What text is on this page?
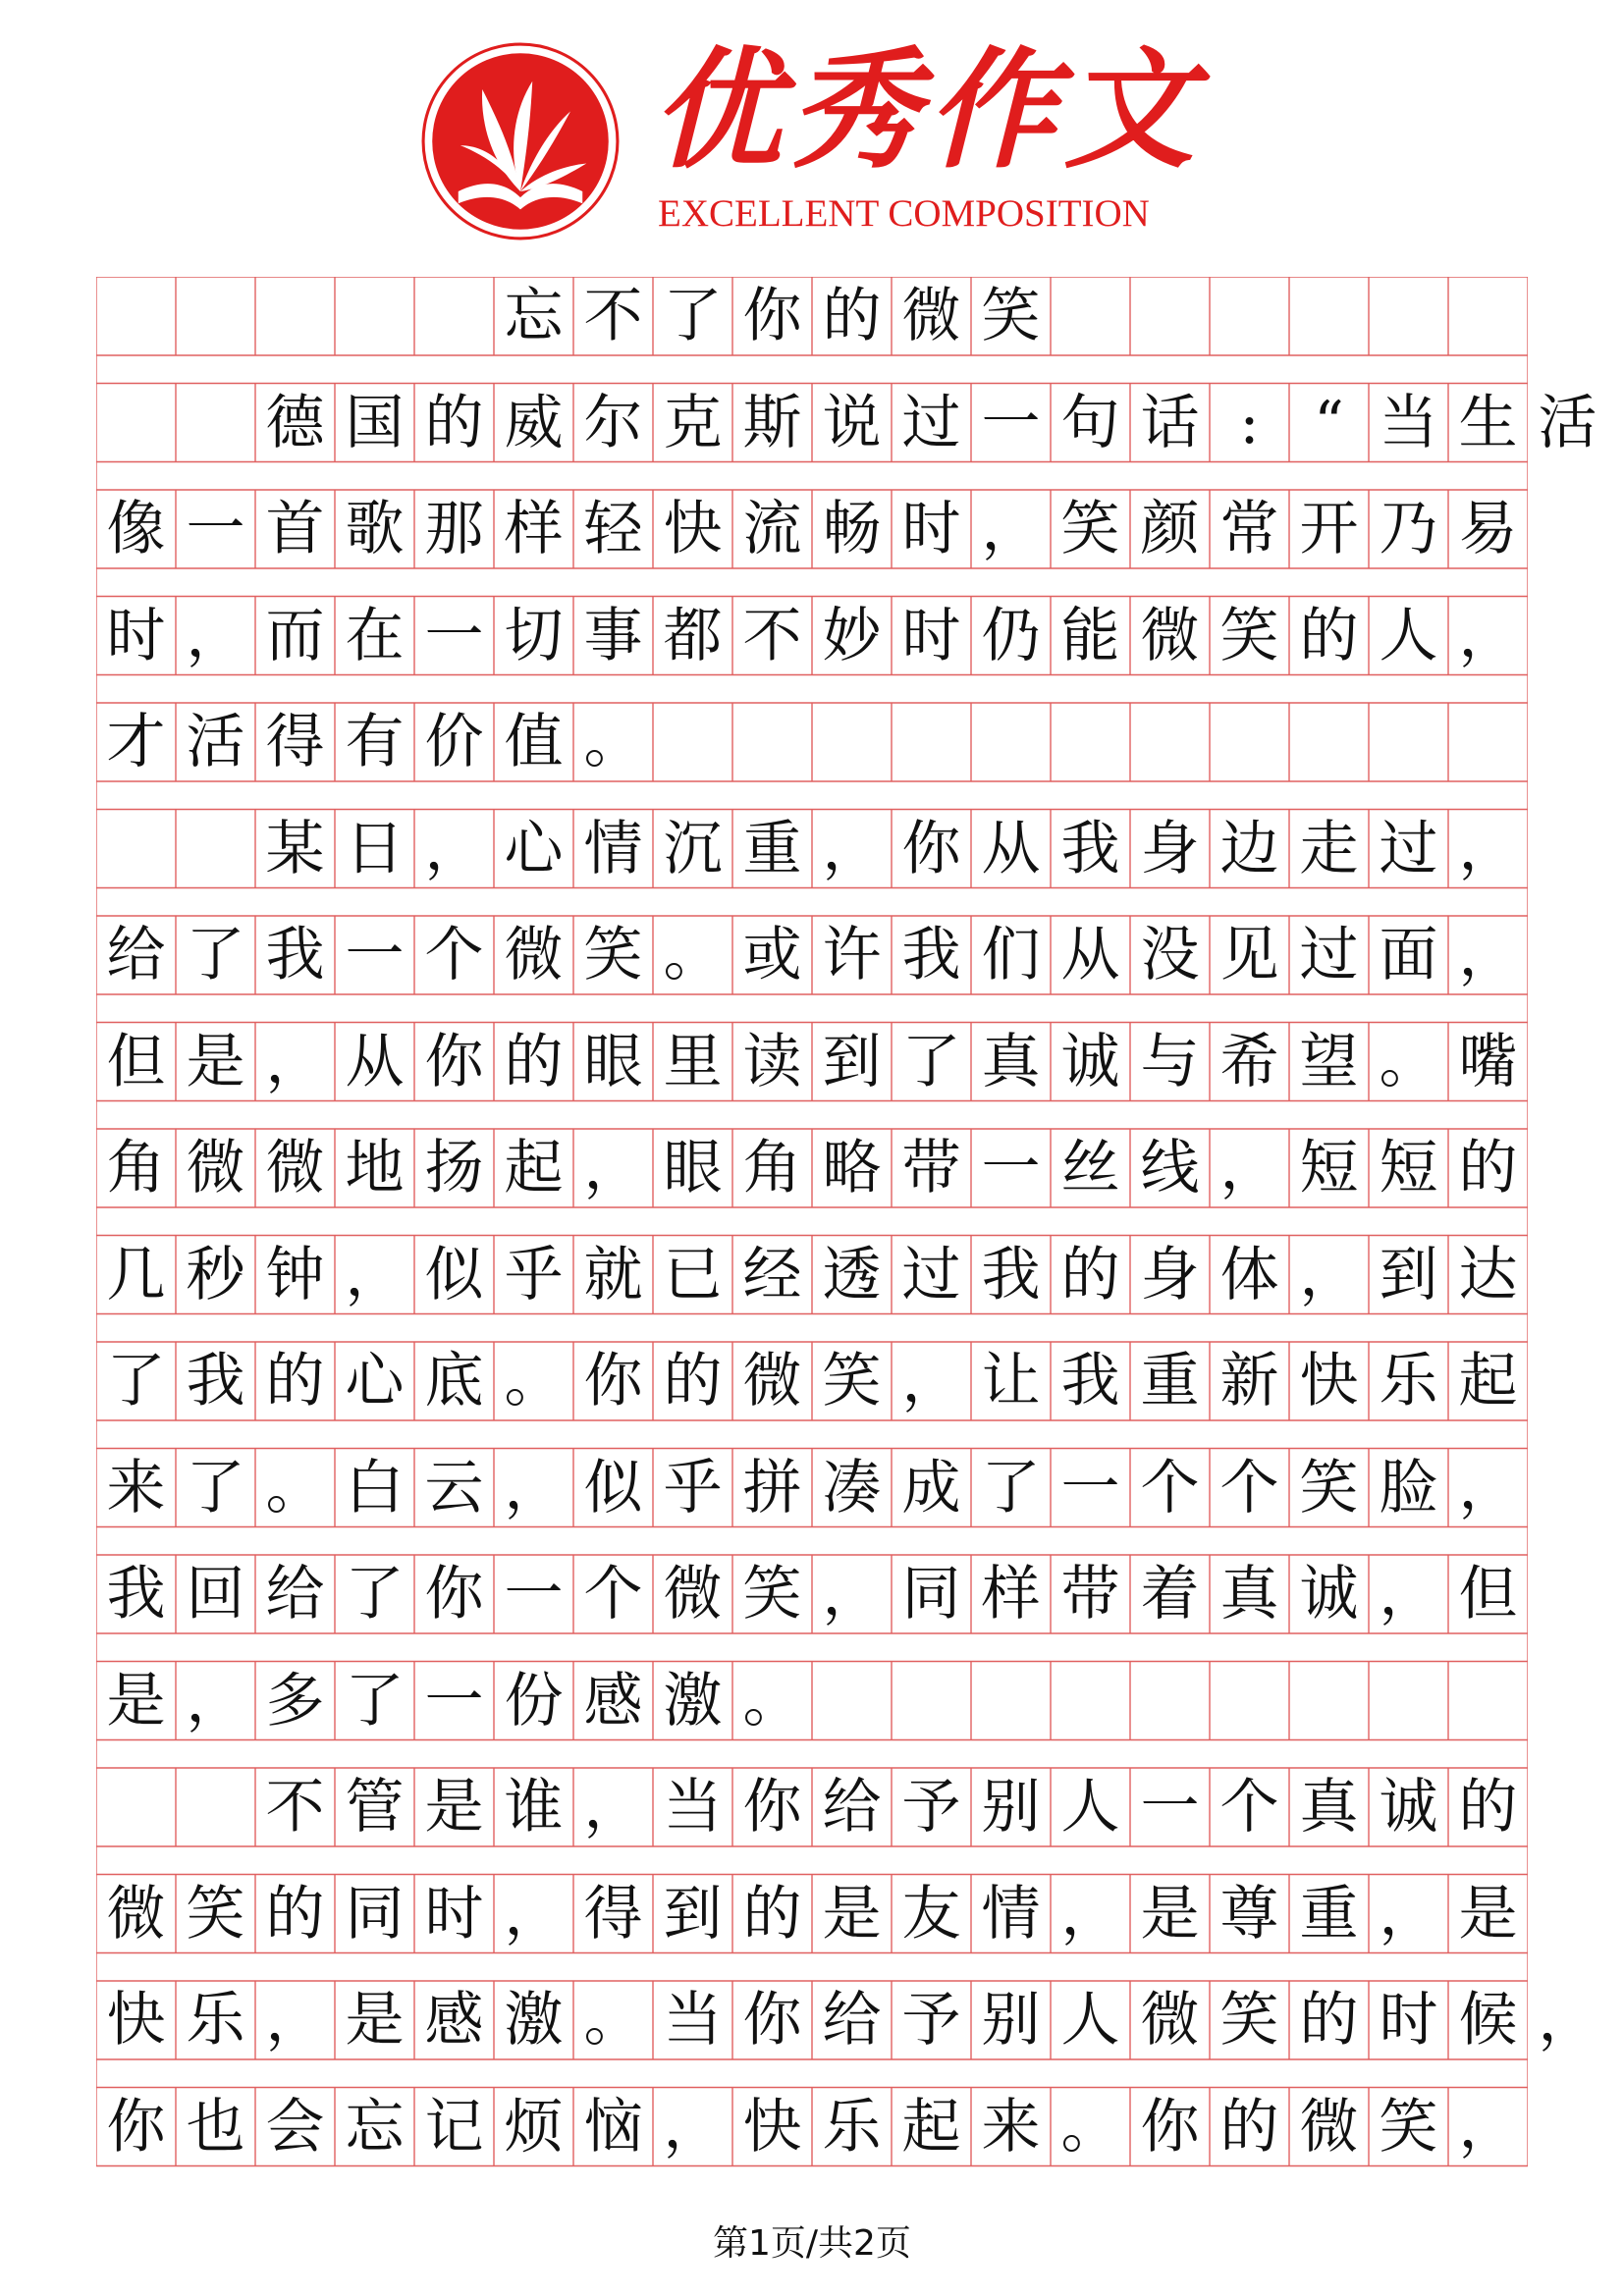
优秀作文
EXCELLENT COMPOSITION
忘 不 了 你 的 微 笑
德 国 的 威 尔 克 斯 说 过 一 句 话 : “ 当 生 活
像 一 首 歌 那 样 轻 快 流 畅 时 ， 笑 颜 常 开 乃 易
时 ， 而 在 一 切 事 都 不 妙 时 仍 能 微 笑 的 人 ，
才 活 得 有 价 值 。
某 日 ， 心 情 沉 重 ， 你 从 我 身 边 走 过 ，
给 了 我 一 个 微 笑 。 或 许 我 们 从 没 见 过 面 ，
但 是 ， 从 你 的 眼 里 读 到 了 真 诚 与 希 望 。 嘴
角 微 微 地 扬 起 ， 眼 角 略 带 一 丝 线 ， 短 短 的
几 秒 钟 ， 似 乎 就 已 经 透 过 我 的 身 体 ， 到 达
了 我 的 心 底 。 你 的 微 笑 ， 让 我 重 新 快 乐 起
来 了 。 白 云 ， 似 乎 拼 凑 成 了 一 个 个 笑 脸 ，
我 回 给 了 你 一 个 微 笑 ， 同 样 带 着 真 诚 ， 但
是 ， 多 了 一 份 感 激 。
不 管 是 谁 ， 当 你 给 予 别 人 一 个 真 诚 的
微 笑 的 同 时 ， 得 到 的 是 友 情 ， 是 尊 重 ， 是
快 乐 ， 是 感 激 。 当 你 给 予 别 人 微 笑 的 时 候 ，
你 也 会 忘 记 烦 恼 ， 快 乐 起 来 。 你 的 微 笑 ，
第1页/共2页
